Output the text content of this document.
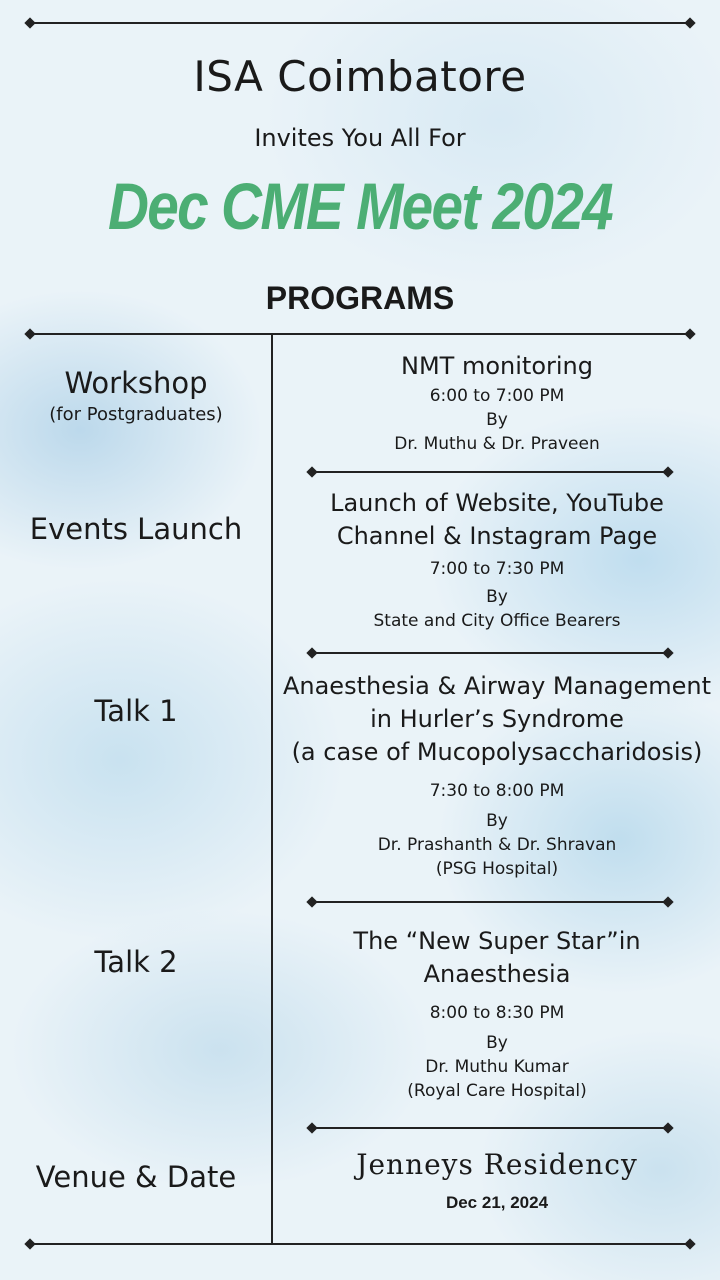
ISA Coimbatore
Invites You All For
Dec CME Meet 2024
PROGRAMS
Workshop
(for Postgraduates)
NMT monitoring
6:00 to 7:00 PM
By
Dr. Muthu & Dr. Praveen
Events Launch
Launch of Website, YouTube
Channel & Instagram Page
7:00 to 7:30 PM
By
State and City Office Bearers
Talk 1
Anaesthesia & Airway Management
in Hurler’s Syndrome
(a case of Mucopolysaccharidosis)
7:30 to 8:00 PM
By
Dr. Prashanth & Dr. Shravan
(PSG Hospital)
Talk 2
The “New Super Star”in
Anaesthesia
8:00 to 8:30 PM
By
Dr. Muthu Kumar
(Royal Care Hospital)
Venue & Date	Jenneys Residency
Dec 21, 2024
